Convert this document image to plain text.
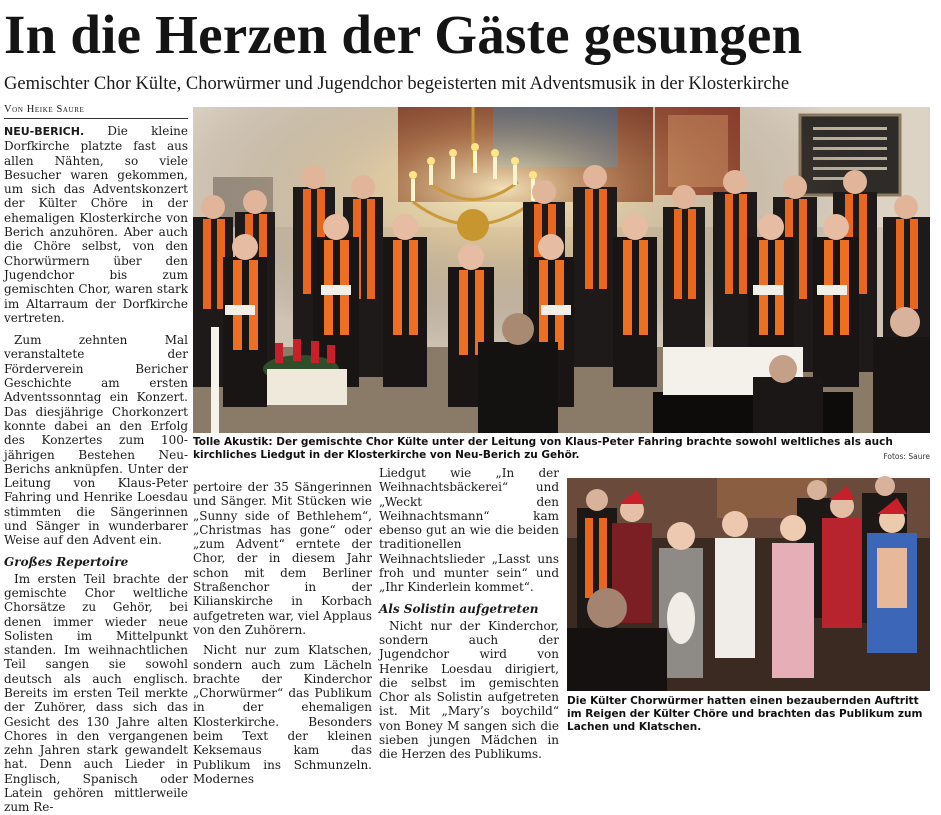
In die Herzen der Gäste gesungen
Gemischter Chor Külte, Chorwürmer und Jugendchor begeisterten mit Adventsmusik in der Klosterkirche
Von Heike Saure

NEU-BERICH. Die kleine Dorfkirche platzte fast aus allen Nähten, so viele Besucher waren gekommen, um sich das Adventskonzert der Külter Chöre in der ehemaligen Klosterkirche von Berich anzuhören. Aber auch die Chöre selbst, von den Chorwürmern über den Jugendchor bis zum gemischten Chor, waren stark im Altarraum der Dorfkirche vertreten.

Zum zehnten Mal veranstaltete der Förderverein Bericher Geschichte am ersten Adventssonntag ein Konzert. Das diesjährige Chorkonzert konnte dabei an den Erfolg des Konzertes zum 100-jährigen Bestehen Neu-Berichs anknüpfen. Unter der Leitung von Klaus-Peter Fahring und Henrike Loesdau stimmten die Sängerinnen und Sänger in wunderbarer Weise auf den Advent ein.

Großes Repertoire

Im ersten Teil brachte der gemischte Chor weltliche Chorsätze zu Gehör, bei denen immer wieder neue Solisten im Mittelpunkt standen. Im weihnachtlichen Teil sangen sie sowohl deutsch als auch englisch. Bereits im ersten Teil merkte der Zuhörer, dass sich das Gesicht des 130 Jahre alten Chores in den vergangenen zehn Jahren stark gewandelt hat. Denn auch Lieder in Englisch, Spanisch oder Latein gehören mittlerweile zum Re-

Tolle Akustik: Der gemischte Chor Külte unter der Leitung von Klaus-Peter Fahring brachte sowohl weltliches als auch kirchliches Liedgut in der Klosterkirche von Neu-Berich zu Gehör.	Fotos: Saure

pertoire der 35 Sängerinnen und Sänger. Mit Stücken wie „Sunny side of Bethlehem“, „Christmas has gone“ oder „zum Advent“ erntete der Chor, der in diesem Jahr schon mit dem Berliner Straßenchor in der Kilianskirche in Korbach aufgetreten war, viel Applaus von den Zuhörern.

Nicht nur zum Klatschen, sondern auch zum Lächeln brachte der Kinderchor „Chorwürmer“ das Publikum in der ehemaligen Klosterkirche. Besonders beim Text der kleinen Keksemaus kam das Publikum ins Schmunzeln. Modernes

Liedgut wie „In der Weihnachtsbäckerei“ und „Weckt den Weihnachtsmann“ kam ebenso gut an wie die beiden traditionellen Weihnachtslieder „Lasst uns froh und munter sein“ und „Ihr Kinderlein kommet“.

Als Solistin aufgetreten

Nicht nur der Kinderchor, sondern auch der Jugendchor wird von Henrike Loesdau dirigiert, die selbst im gemischten Chor als Solistin aufgetreten ist. Mit „Mary’s boychild“ von Boney M sangen sich die sieben jungen Mädchen in die Herzen des Publikums.

Die Külter Chorwürmer hatten einen bezaubernden Auftritt im Reigen der Külter Chöre und brachten das Publikum zum Lachen und Klatschen.
